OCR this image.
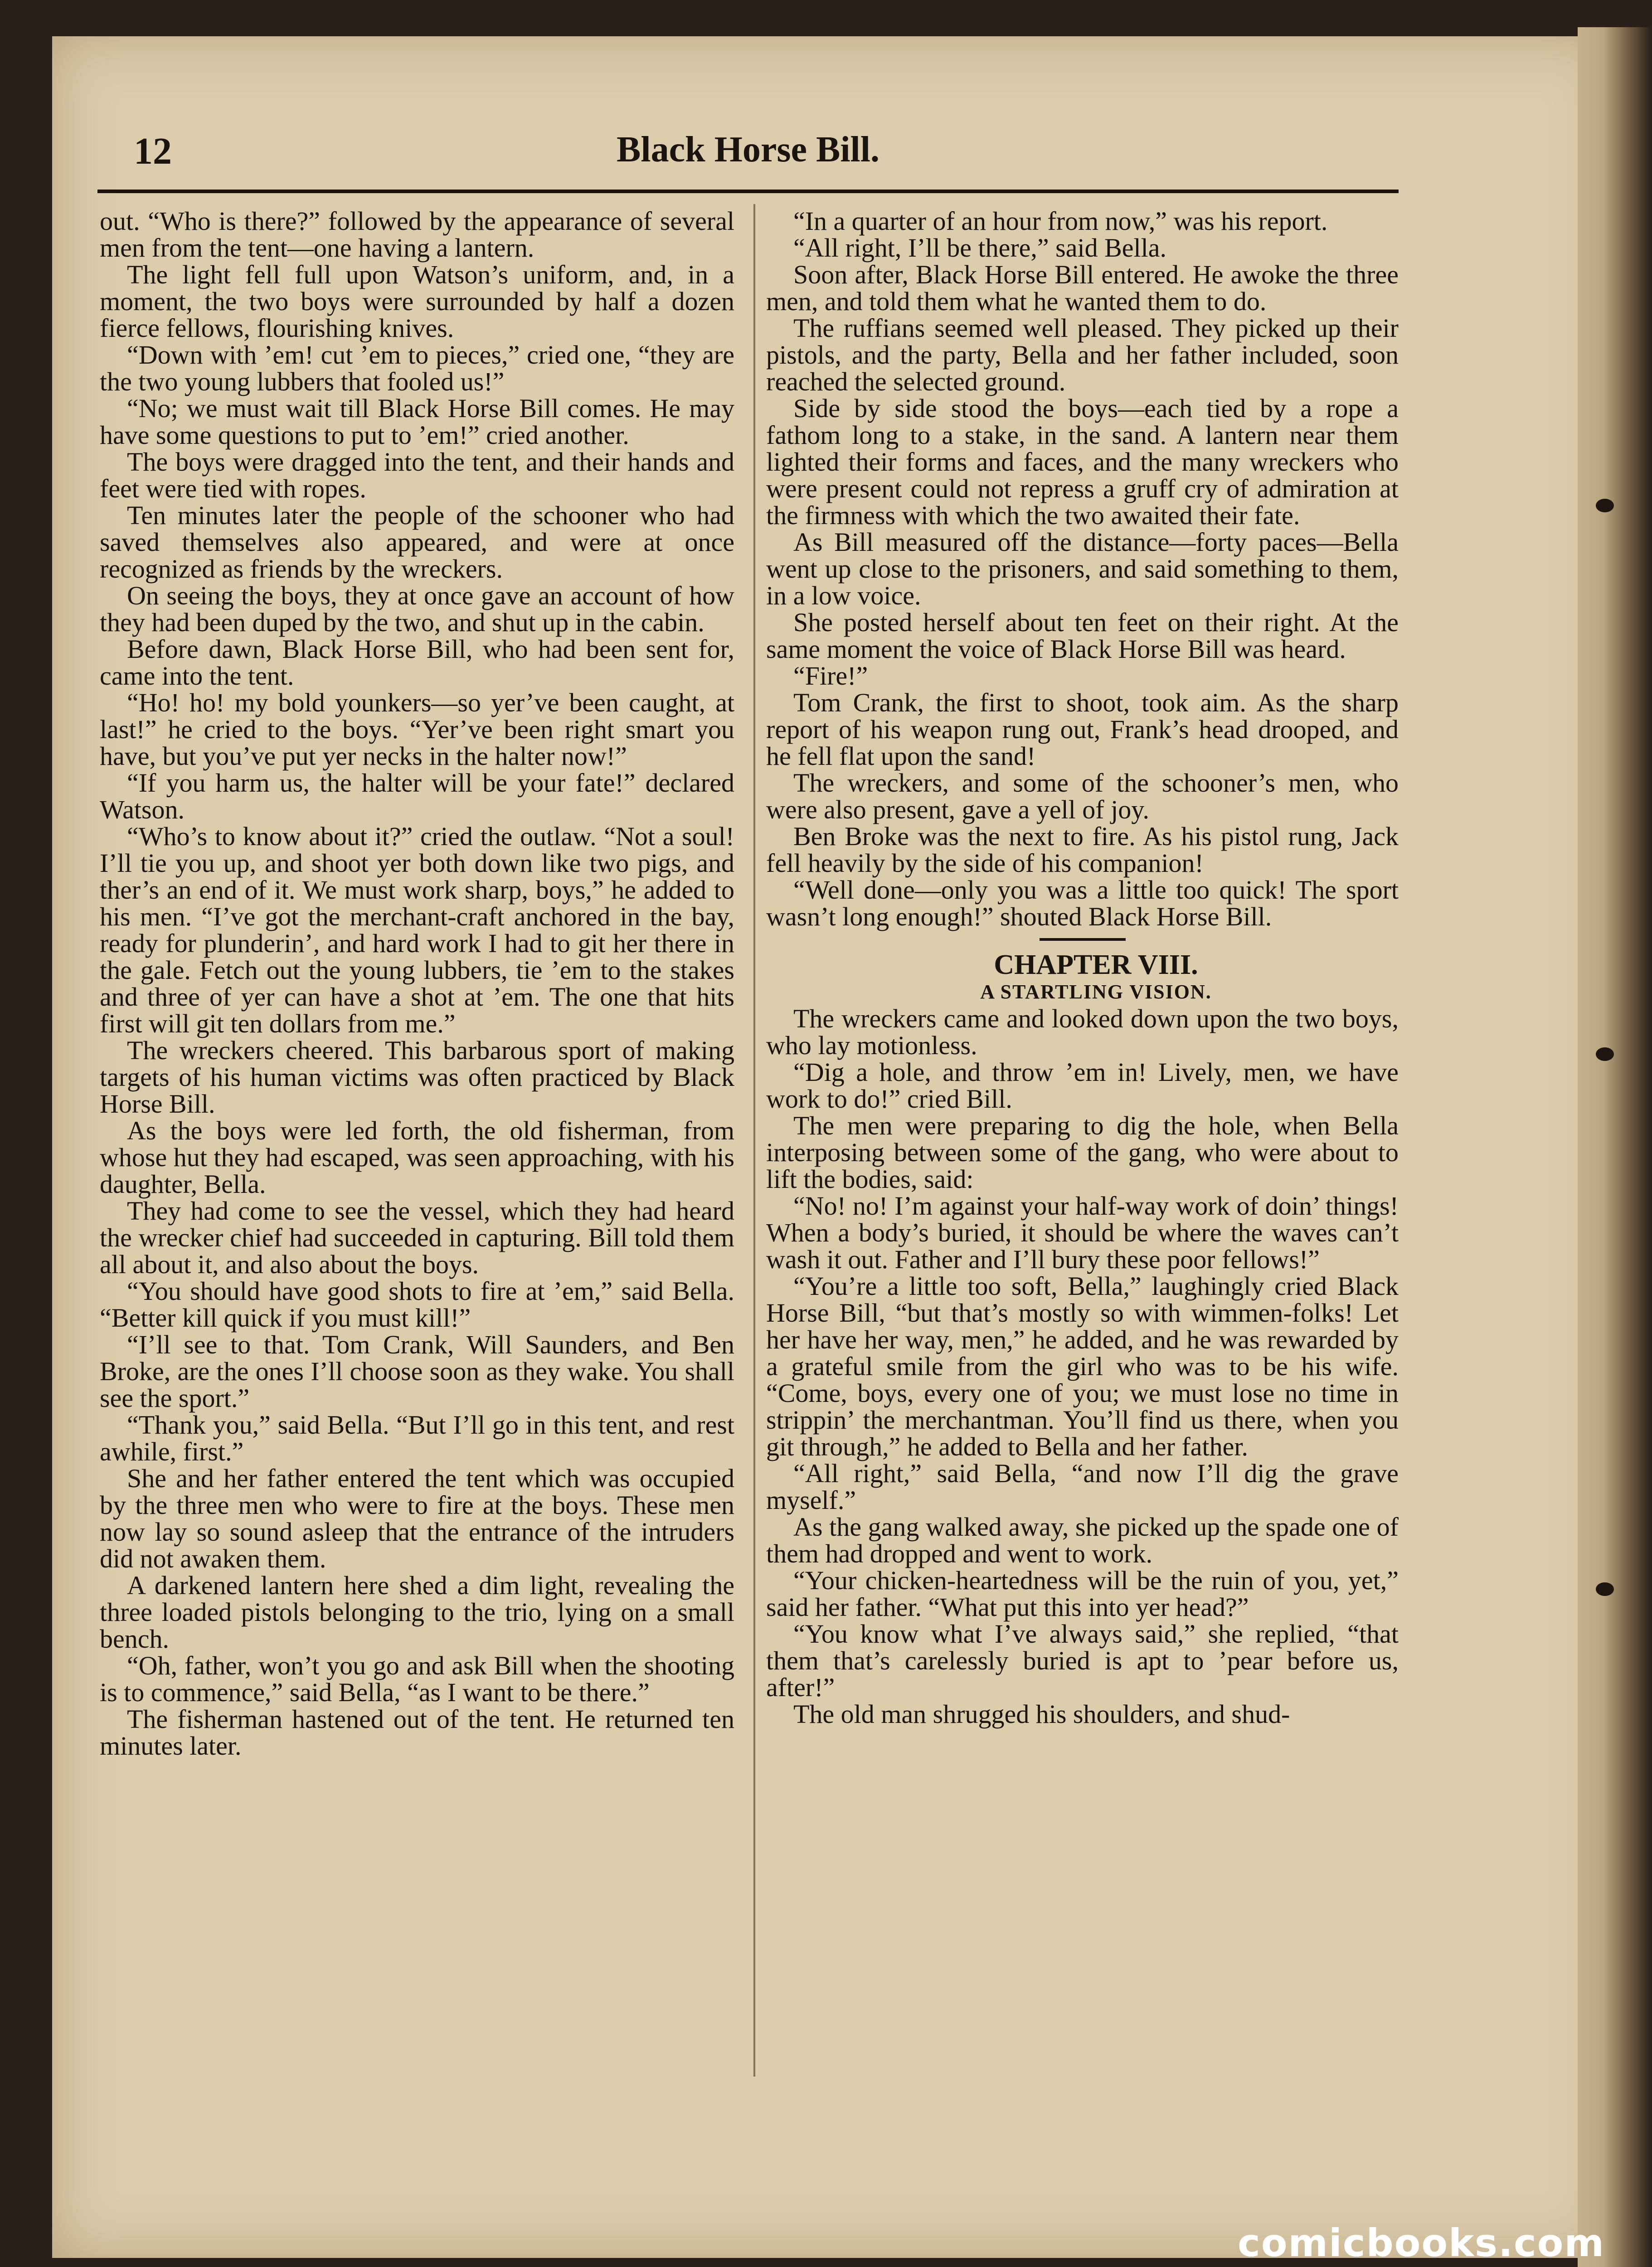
12	Black Horse Bill.

out. “Who is there?” followed by the appearance of several men from the tent—one having a lantern.

The light fell full upon Watson’s uniform, and, in a moment, the two boys were surrounded by half a dozen fierce fellows, flourishing knives.

“Down with ’em! cut ’em to pieces,” cried one, “they are the two young lubbers that fooled us!”

“No; we must wait till Black Horse Bill comes. He may have some questions to put to ’em!” cried another.

The boys were dragged into the tent, and their hands and feet were tied with ropes.

Ten minutes later the people of the schooner who had saved themselves also appeared, and were at once recognized as friends by the wreckers.

On seeing the boys, they at once gave an account of how they had been duped by the two, and shut up in the cabin.

Before dawn, Black Horse Bill, who had been sent for, came into the tent.

“Ho! ho! my bold younkers—so yer’ve been caught, at last!” he cried to the boys. “Yer’ve been right smart you have, but you’ve put yer necks in the halter now!”

“If you harm us, the halter will be your fate!” declared Watson.

“Who’s to know about it?” cried the outlaw. “Not a soul! I’ll tie you up, and shoot yer both down like two pigs, and ther’s an end of it. We must work sharp, boys,” he added to his men. “I’ve got the merchant-craft anchored in the bay, ready for plunderin’, and hard work I had to git her there in the gale. Fetch out the young lubbers, tie ’em to the stakes and three of yer can have a shot at ’em. The one that hits first will git ten dollars from me.”

The wreckers cheered. This barbarous sport of making targets of his human victims was often practiced by Black Horse Bill.

As the boys were led forth, the old fisherman, from whose hut they had escaped, was seen approaching, with his daughter, Bella.

They had come to see the vessel, which they had heard the wrecker chief had succeeded in capturing. Bill told them all about it, and also about the boys.

“You should have good shots to fire at ’em,” said Bella. “Better kill quick if you must kill!”

“I’ll see to that. Tom Crank, Will Saunders, and Ben Broke, are the ones I’ll choose soon as they wake. You shall see the sport.”

“Thank you,” said Bella. “But I’ll go in this tent, and rest awhile, first.”

She and her father entered the tent which was occupied by the three men who were to fire at the boys. These men now lay so sound asleep that the entrance of the intruders did not awaken them.

A darkened lantern here shed a dim light, revealing the three loaded pistols belonging to the trio, lying on a small bench.

“Oh, father, won’t you go and ask Bill when the shooting is to commence,” said Bella, “as I want to be there.”

The fisherman hastened out of the tent. He returned ten minutes later.

“In a quarter of an hour from now,” was his report.

“All right, I’ll be there,” said Bella.

Soon after, Black Horse Bill entered. He awoke the three men, and told them what he wanted them to do.

The ruffians seemed well pleased. They picked up their pistols, and the party, Bella and her father included, soon reached the selected ground.

Side by side stood the boys—each tied by a rope a fathom long to a stake, in the sand. A lantern near them lighted their forms and faces, and the many wreckers who were present could not repress a gruff cry of admiration at the firmness with which the two awaited their fate.

As Bill measured off the distance—forty paces—Bella went up close to the prisoners, and said something to them, in a low voice.

She posted herself about ten feet on their right. At the same moment the voice of Black Horse Bill was heard.

“Fire!”

Tom Crank, the first to shoot, took aim. As the sharp report of his weapon rung out, Frank’s head drooped, and he fell flat upon the sand!

The wreckers, and some of the schooner’s men, who were also present, gave a yell of joy.

Ben Broke was the next to fire. As his pistol rung, Jack fell heavily by the side of his companion!

“Well done—only you was a little too quick! The sport wasn’t long enough!” shouted Black Horse Bill.

CHAPTER VIII.

A STARTLING VISION.

The wreckers came and looked down upon the two boys, who lay motionless.

“Dig a hole, and throw ’em in! Lively, men, we have work to do!” cried Bill.

The men were preparing to dig the hole, when Bella interposing between some of the gang, who were about to lift the bodies, said:

“No! no! I’m against your half-way work of doin’ things! When a body’s buried, it should be where the waves can’t wash it out. Father and I’ll bury these poor fellows!”

“You’re a little too soft, Bella,” laughingly cried Black Horse Bill, “but that’s mostly so with wimmen-folks! Let her have her way, men,” he added, and he was rewarded by a grateful smile from the girl who was to be his wife. “Come, boys, every one of you; we must lose no time in strippin’ the merchantman. You’ll find us there, when you git through,” he added to Bella and her father.

“All right,” said Bella, “and now I’ll dig the grave myself.”

As the gang walked away, she picked up the spade one of them had dropped and went to work.

“Your chicken-heartedness will be the ruin of you, yet,” said her father. “What put this into yer head?”

“You know what I’ve always said,” she replied, “that them that’s carelessly buried is apt to ’pear before us, after!”

The old man shrugged his shoulders, and shud-

comicbooks.com
